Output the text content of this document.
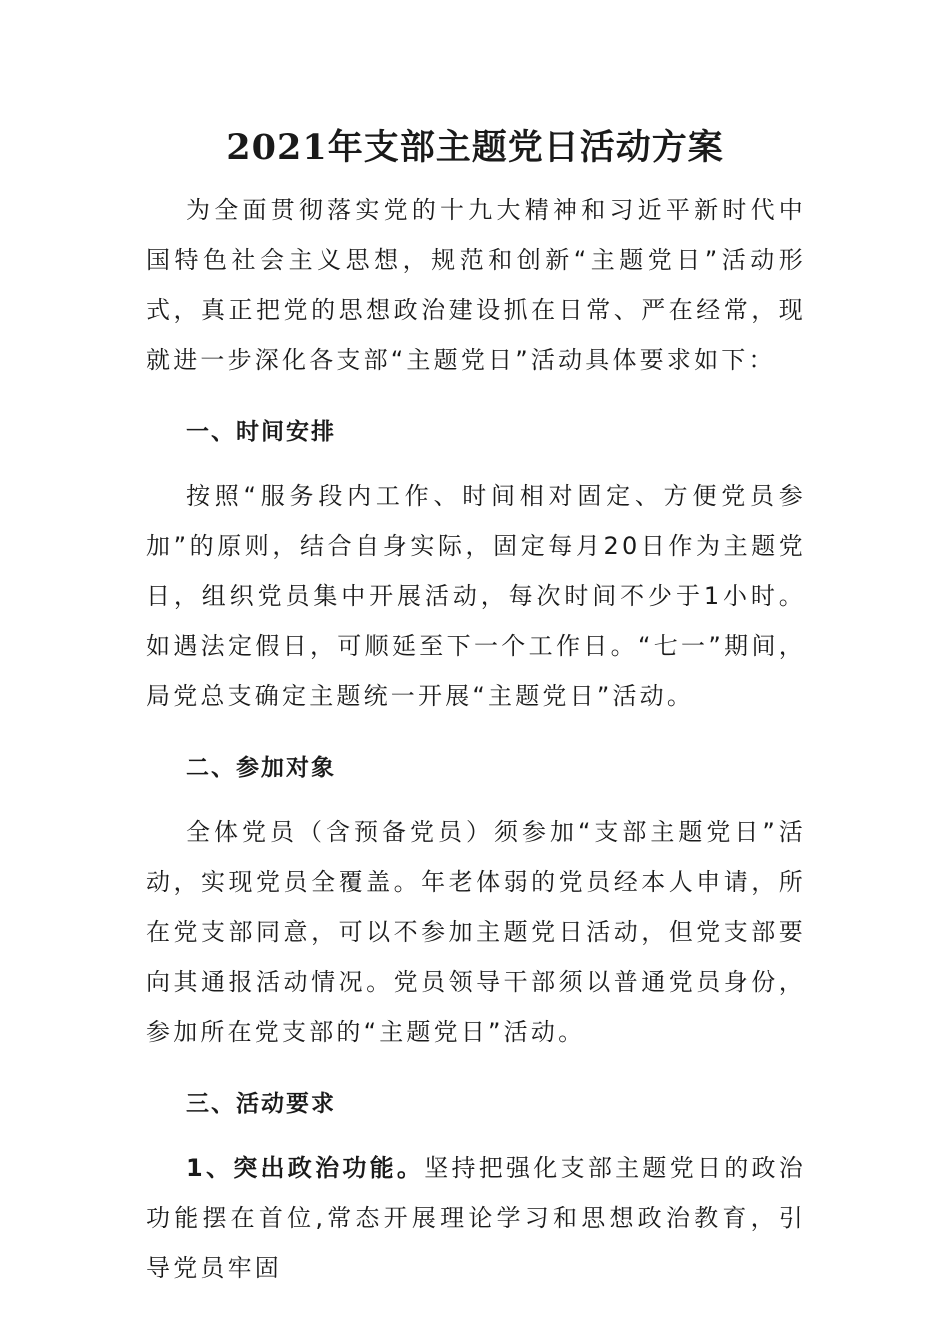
2021年支部主题党日活动方案

为全面贯彻落实党的十九大精神和习近平新时代中国特色社会主义思想，规范和创新“主题党日”活动形式，真正把党的思想政治建设抓在日常、严在经常，现就进一步深化各支部“主题党日”活动具体要求如下：

一、时间安排

按照“服务段内工作、时间相对固定、方便党员参加”的原则，结合自身实际，固定每月20日作为主题党日，组织党员集中开展活动，每次时间不少于1小时。如遇法定假日，可顺延至下一个工作日。“七一”期间，局党总支确定主题统一开展“主题党日”活动。

二、参加对象

全体党员（含预备党员）须参加“支部主题党日”活动，实现党员全覆盖。年老体弱的党员经本人申请，所在党支部同意，可以不参加主题党日活动，但党支部要向其通报活动情况。党员领导干部须以普通党员身份，参加所在党支部的“主题党日”活动。

三、活动要求

1、突出政治功能。坚持把强化支部主题党日的政治功能摆在首位,常态开展理论学习和思想政治教育，引导党员牢固
